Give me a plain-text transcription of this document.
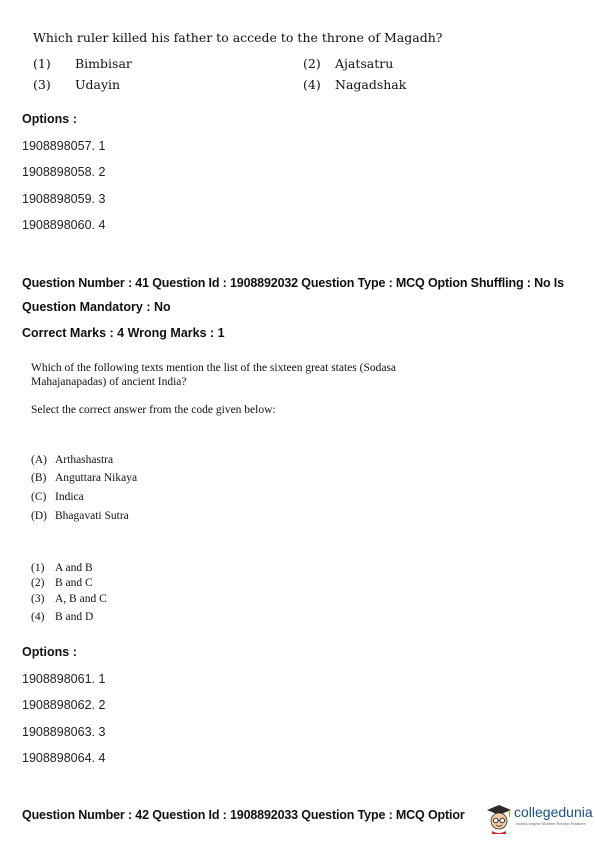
Which ruler killed his father to accede to the throne of Magadh?
(1) Bimbisar	(2) Ajatsatru
(3) Udayin	(4) Nagadshak
Options :
1908898057. 1
1908898058. 2
1908898059. 3
1908898060. 4
Question Number : 41 Question Id : 1908892032 Question Type : MCQ Option Shuffling : No Is
Question Mandatory : No
Correct Marks : 4 Wrong Marks : 1
Which of the following texts mention the list of the sixteen great states (Sodasa
Mahajanapadas) of ancient India?
Select the correct answer from the code given below:
(A) Arthashastra
(B) Anguttara Nikaya
(C) Indica
(D) Bhagavati Sutra
(1) A and B
(2) B and C
(3) A, B and C
(4) B and D
Options :
1908898061. 1
1908898062. 2
1908898063. 3
1908898064. 4
Question Number : 42 Question Id : 1908892033 Question Type : MCQ Optior	collegedunia
India's largest Student Review Platform
